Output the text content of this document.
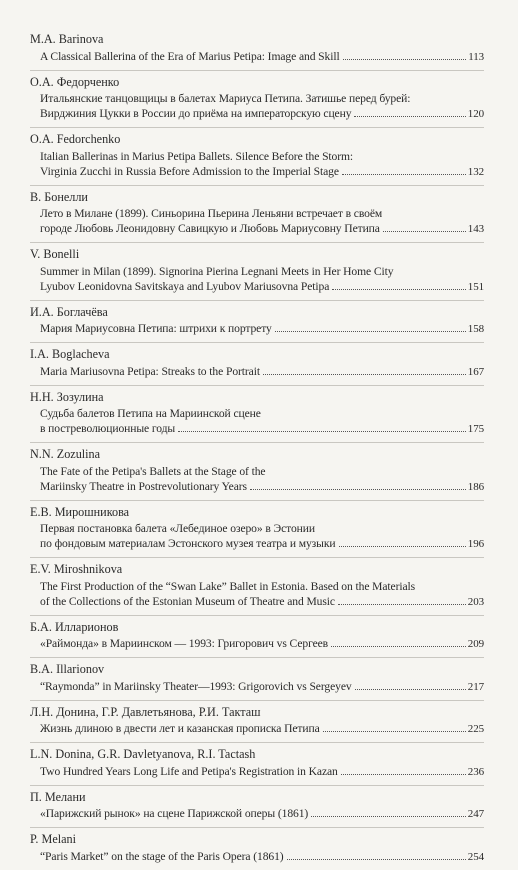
M.A. Barinova
A Classical Ballerina of the Era of Marius Petipa: Image and Skill	113
О.А. Федорченко
Итальянские танцовщицы в балетах Мариуса Петипа. Затишье перед бурей:
Вирджиния Цукки в России до приёма на императорскую сцену	120
O.A. Fedorchenko
Italian Ballerinas in Marius Petipa Ballets. Silence Before the Storm:
Virginia Zucchi in Russia Before Admission to the Imperial Stage	132
В. Бонелли
Лето в Милане (1899). Синьорина Пьерина Леньяни встречает в своём
городе Любовь Леонидовну Савицкую и Любовь Мариусовну Петипа	143
V. Bonelli
Summer in Milan (1899). Signorina Pierina Legnani Meets in Her Home City
Lyubov Leonidovna Savitskaya and Lyubov Mariusovna Petipa	151
И.А. Боглачёва
Мария Мариусовна Петипа: штрихи к портрету	158
I.A. Boglacheva
Maria Mariusovna Petipa: Streaks to the Portrait	167
Н.Н. Зозулина
Судьба балетов Петипа на Мариинской сцене
в постреволюционные годы	175
N.N. Zozulina
The Fate of the Petipa's Ballets at the Stage of the
Mariinsky Theatre in Postrevolutionary Years	186
Е.В. Мирошникова
Первая постановка балета «Лебединое озеро» в Эстонии
по фондовым материалам Эстонского музея театра и музыки	196
E.V. Miroshnikova
The First Production of the “Swan Lake” Ballet in Estonia. Based on the Materials
of the Collections of the Estonian Museum of Theatre and Music	203
Б.А. Илларионов
«Раймонда» в Мариинском — 1993: Григорович vs Сергеев	209
B.A. Illarionov
“Raymonda” in Mariinsky Theater—1993: Grigorovich vs Sergeyev	217
Л.Н. Донина, Г.Р. Давлетьянова, Р.И. Такташ
Жизнь длиною в двести лет и казанская прописка Петипа	225
L.N. Donina, G.R. Davletyanova, R.I. Tactash
Two Hundred Years Long Life and Petipa's Registration in Kazan	236
П. Мелани
«Парижский рынок» на сцене Парижской оперы (1861)	247
P. Melani
“Paris Market” on the stage of the Paris Opera (1861)	254
